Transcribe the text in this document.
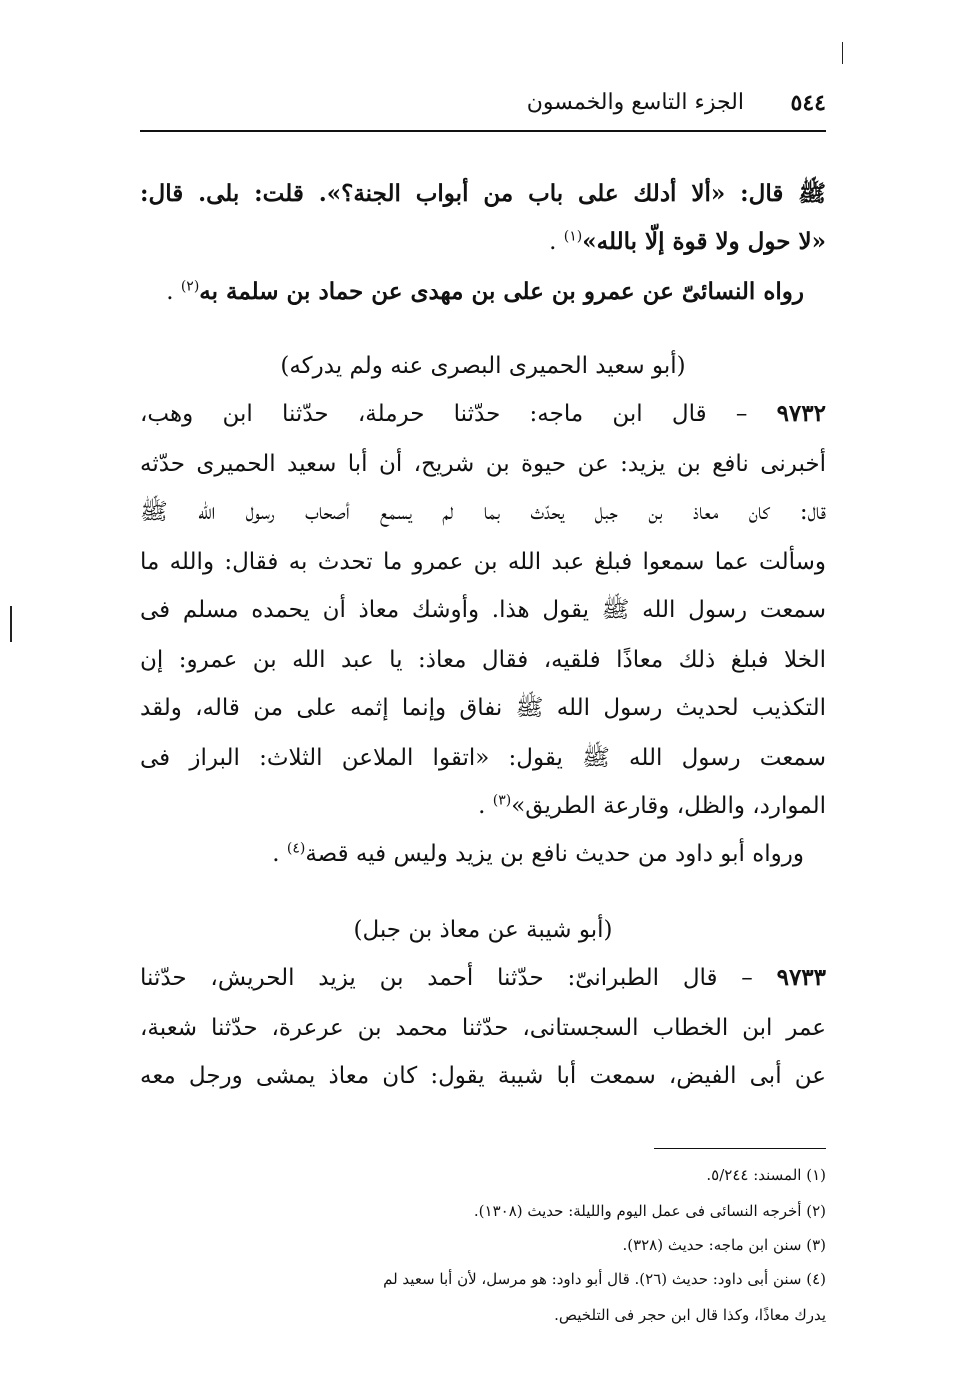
٥٤٤
الجزء التاسع والخمسون
ﷺ قال: «ألا أدلك على باب من أبواب الجنة؟». قلت: بلى. قال:
«لا حول ولا قوة إلّا بالله»$^{(١)}$ .
رواه النسائىّ عن عمرو بن على بن مهدى عن حماد بن سلمة به$^{(٢)}$ .
(أبو سعيد الحميرى البصرى عنه ولم يدركه)
٩٧٣٢ – قال ابن ماجه: حدّثنا حرملة، حدّثنا ابن وهب،
أخبرنى نافع بن يزيد: عن حيوة بن شريح، أن أبا سعيد الحميرى حدّثه
قال: كان معاذ بن جبل يحدّث بما لم يسمع أصحاب رسول الله ﷺ
وسألت عما سمعوا فبلغ عبد الله بن عمرو ما تحدث به فقال: والله ما
سمعت رسول الله ﷺ يقول هذا. وأوشك معاذ أن يحمده مسلم فى
الخلا فبلغ ذلك معاذًا فلقيه، فقال معاذ: يا عبد الله بن عمرو: إن
التكذيب لحديث رسول الله ﷺ نفاق وإنما إثمه على من قاله، ولقد
سمعت رسول الله ﷺ يقول: «اتقوا الملاعن الثلاث: البراز فى
الموارد، والظل، وقارعة الطريق»$^{(٣)}$ .
ورواه أبو داود من حديث نافع بن يزيد وليس فيه قصة$^{(٤)}$ .
(أبو شيبة عن معاذ بن جبل)
٩٧٣٣ – قال الطبرانىّ: حدّثنا أحمد بن يزيد الحريش، حدّثنا
عمر ابن الخطاب السجستانى، حدّثنا محمد بن عرعرة، حدّثنا شعبة،
عن أبى الفيض، سمعت أبا شيبة يقول: كان معاذ يمشى ورجل معه
(١) المسند: ٥/٢٤٤.
(٢) أخرجه النسائى فى عمل اليوم والليلة: حديث (١٣٠٨).
(٣) سنن ابن ماجه: حديث (٣٢٨).
(٤) سنن أبى داود: حديث (٢٦). قال أبو داود: هو مرسل، لأن أبا سعيد لم
يدرك معاذًا، وكذا قال ابن حجر فى التلخيص.
